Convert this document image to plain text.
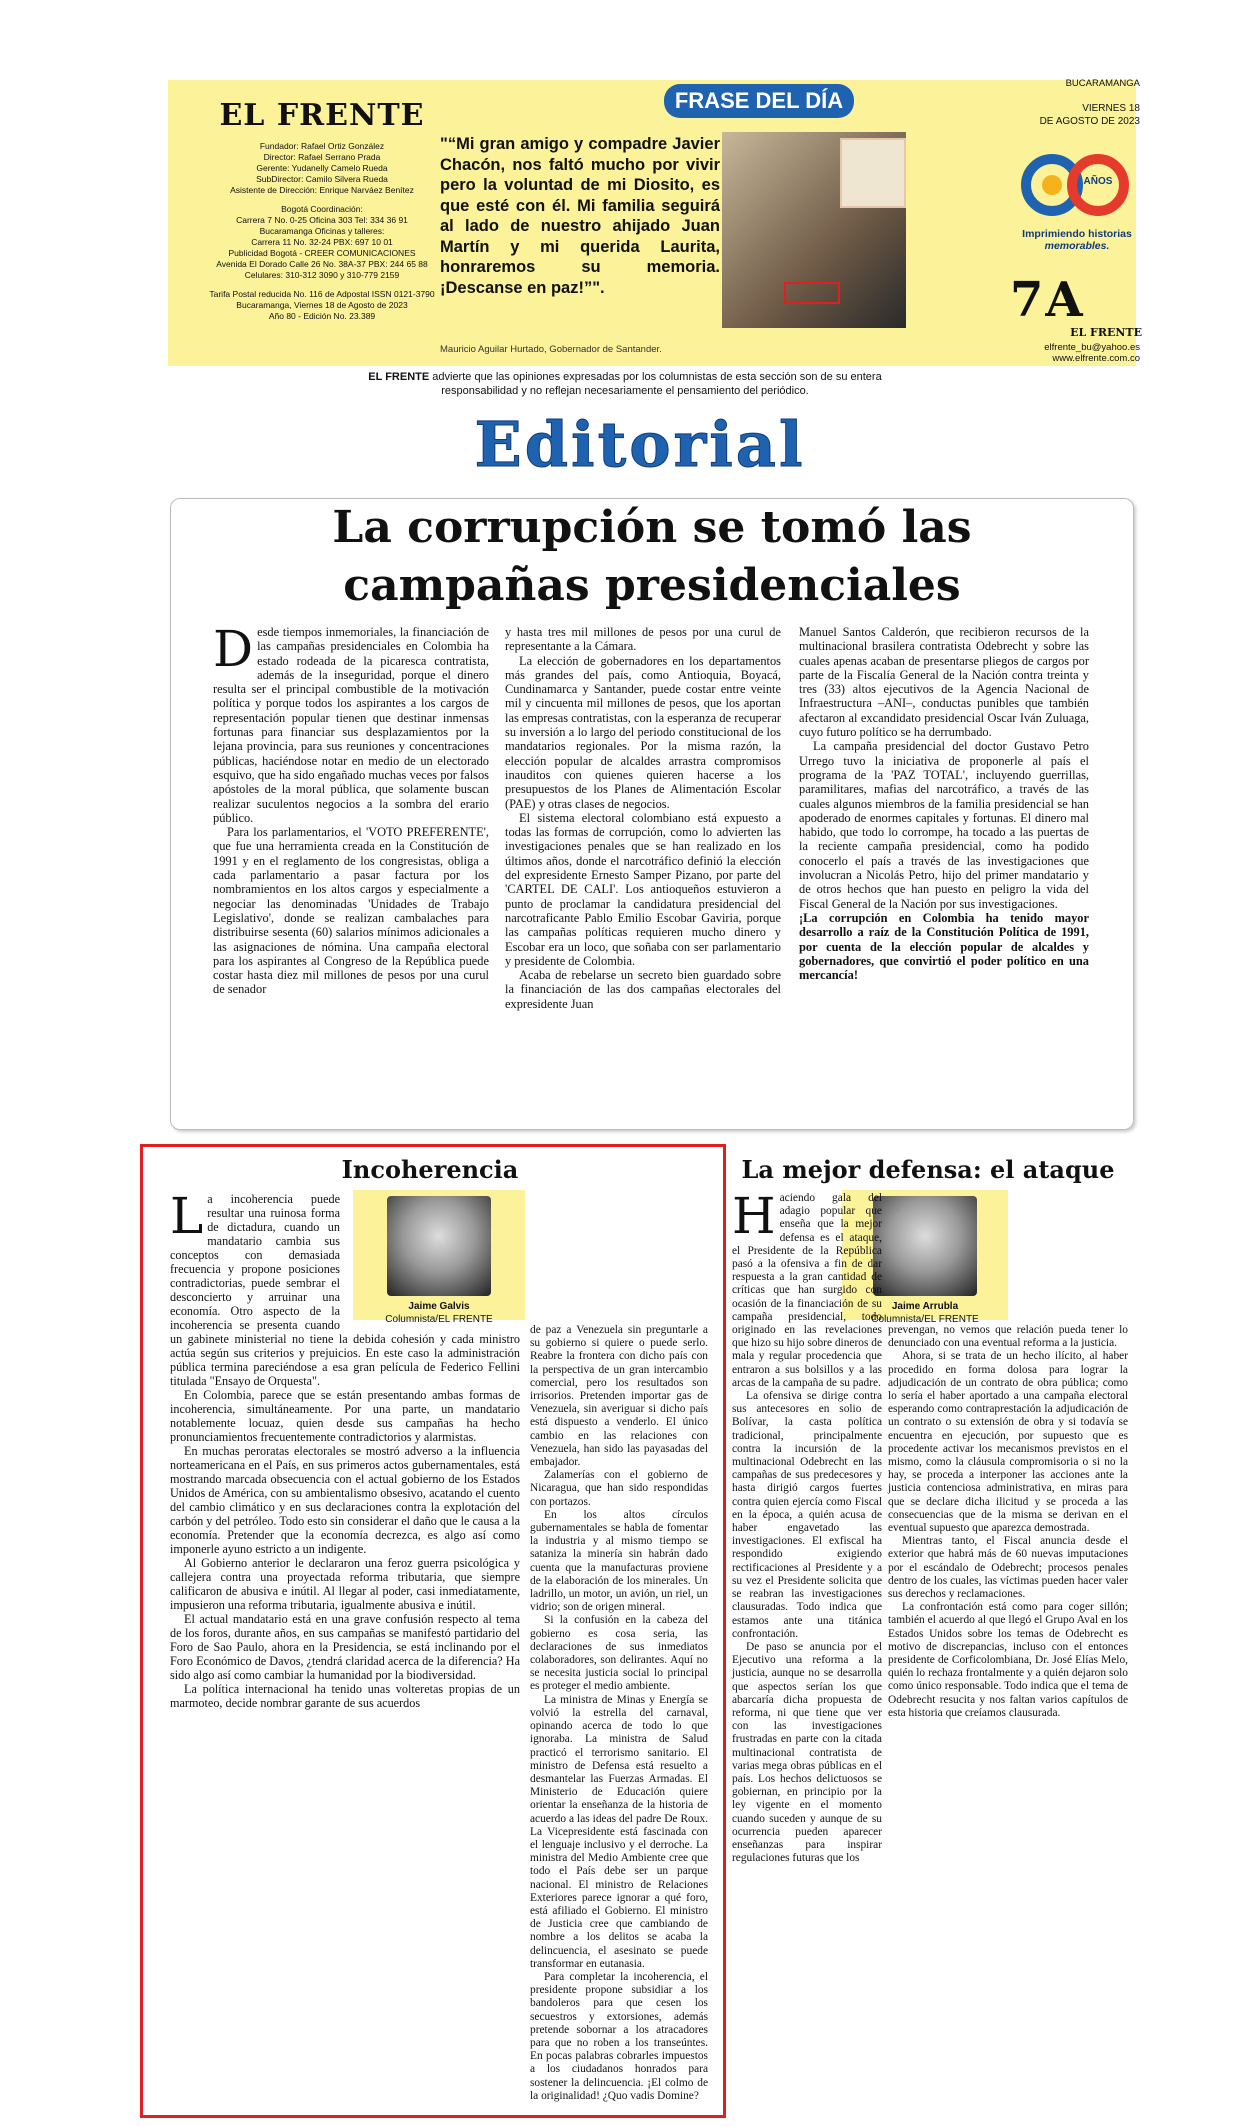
EL FRENTE
Fundador: Rafael Ortiz González
Director: Rafael Serrano Prada
Gerente: Yudanelly Camelo Rueda
SubDirector: Camilo Silvera Rueda
Asistente de Dirección: Enrique Narváez Benítez
Bogotá Coordinación:
Carrera 7 No. 0-25 Oficina 303 Tel: 334 36 91
Bucaramanga Oficinas y talleres:
Carrera 11 No. 32-24 PBX: 697 10 01
Publicidad Bogotá - CREER COMUNICACIONES
Avenida El Dorado Calle 26 No. 38A-37 PBX: 244 65 88
Celulares: 310-312 3090 y 310-779 2159
Tarifa Postal reducida No. 116 de Adpostal ISSN 0121-3790
Bucaramanga, Viernes 18 de Agosto de 2023
Año 80 - Edición No. 23.389
FRASE DEL DÍA
"“Mi gran amigo y compadre Javier Chacón, nos faltó mucho por vivir pero la voluntad de mi Diosito, es que esté con él. Mi familia seguirá al lado de nuestro ahijado Juan Martín y mi querida Laurita, honraremos su memoria. ¡Descanse en paz!”".
Mauricio Aguilar Hurtado, Gobernador de Santander.
BUCARAMANGA
VIERNES 18
DE AGOSTO DE 2023
AÑOS
Imprimiendo historias
memorables.
7A
EL FRENTE
elfrente_bu@yahoo.es
www.elfrente.com.co
EL FRENTE advierte que las opiniones expresadas por los columnistas de esta sección son de su entera responsabilidad y no reflejan necesariamente el pensamiento del periódico.
Editorial
La corrupción se tomó las
campañas presidenciales

Desde tiempos inmemoriales, la financiación de las campañas presidenciales en Colombia ha estado rodeada de la picaresca contratista, además de la inseguridad, porque el dinero resulta ser el principal combustible de la motivación política y porque todos los aspirantes a los cargos de representación popular tienen que destinar inmensas fortunas para financiar sus desplazamientos por la lejana provincia, para sus reuniones y concentraciones públicas, haciéndose notar en medio de un electorado esquivo, que ha sido engañado muchas veces por falsos apóstoles de la moral pública, que solamente buscan realizar suculentos negocios a la sombra del erario público.

Para los parlamentarios, el 'VOTO PREFERENTE', que fue una herramienta creada en la Constitución de 1991 y en el reglamento de los congresistas, obliga a cada parlamentario a pasar factura por los nombramientos en los altos cargos y especialmente a negociar las denominadas 'Unidades de Trabajo Legislativo', donde se realizan cambalaches para distribuirse sesenta (60) salarios mínimos adicionales a las asignaciones de nómina. Una campaña electoral para los aspirantes al Congreso de la República puede costar hasta diez mil millones de pesos por una curul de senador

y hasta tres mil millones de pesos por una curul de representante a la Cámara.

La elección de gobernadores en los departamentos más grandes del país, como Antioquia, Boyacá, Cundinamarca y Santander, puede costar entre veinte mil y cincuenta mil millones de pesos, que los aportan las empresas contratistas, con la esperanza de recuperar su inversión a lo largo del periodo constitucional de los mandatarios regionales. Por la misma razón, la elección popular de alcaldes arrastra compromisos inauditos con quienes quieren hacerse a los presupuestos de los Planes de Alimentación Escolar (PAE) y otras clases de negocios.

El sistema electoral colombiano está expuesto a todas las formas de corrupción, como lo advierten las investigaciones penales que se han realizado en los últimos años, donde el narcotráfico definió la elección del expresidente Ernesto Samper Pizano, por parte del 'CARTEL DE CALI'. Los antioqueños estuvieron a punto de proclamar la candidatura presidencial del narcotraficante Pablo Emilio Escobar Gaviria, porque las campañas políticas requieren mucho dinero y Escobar era un loco, que soñaba con ser parlamentario y presidente de Colombia.

Acaba de rebelarse un secreto bien guardado sobre la financiación de las dos campañas electorales del expresidente Juan

Manuel Santos Calderón, que recibieron recursos de la multinacional brasilera contratista Odebrecht y sobre las cuales apenas acaban de presentarse pliegos de cargos por parte de la Fiscalía General de la Nación contra treinta y tres (33) altos ejecutivos de la Agencia Nacional de Infraestructura –ANI–, conductas punibles que también afectaron al excandidato presidencial Oscar Iván Zuluaga, cuyo futuro político se ha derrumbado.

La campaña presidencial del doctor Gustavo Petro Urrego tuvo la iniciativa de proponerle al país el programa de la 'PAZ TOTAL', incluyendo guerrillas, paramilitares, mafias del narcotráfico, a través de las cuales algunos miembros de la familia presidencial se han apoderado de enormes capitales y fortunas. El dinero mal habido, que todo lo corrompe, ha tocado a las puertas de la reciente campaña presidencial, como ha podido conocerlo el país a través de las investigaciones que involucran a Nicolás Petro, hijo del primer mandatario y de otros hechos que han puesto en peligro la vida del Fiscal General de la Nación por sus investigaciones.

¡La corrupción en Colombia ha tenido mayor desarrollo a raíz de la Constitución Política de 1991, por cuenta de la elección popular de alcaldes y gobernadores, que convirtió el poder político en una mercancía!

Incoherencia
Jaime Galvis
Columnista/EL FRENTE

La incoherencia puede resultar una ruinosa forma de dictadura, cuando un mandatario cambia sus conceptos con demasiada frecuencia y propone posiciones contradictorias, puede sembrar el desconcierto y arruinar una economía. Otro aspecto de la incoherencia se presenta cuando un gabinete ministerial no tiene la debida cohesión y cada ministro actúa según sus criterios y prejuicios. En este caso la administración pública termina pareciéndose a esa gran película de Federico Fellini titulada "Ensayo de Orquesta".

En Colombia, parece que se están presentando ambas formas de incoherencia, simultáneamente. Por una parte, un mandatario notablemente locuaz, quien desde sus campañas ha hecho pronunciamientos frecuentemente contradictorios y alarmistas.

En muchas peroratas electorales se mostró adverso a la influencia norteamericana en el País, en sus primeros actos gubernamentales, está mostrando marcada obsecuencia con el actual gobierno de los Estados Unidos de América, con su ambientalismo obsesivo, acatando el cuento del cambio climático y en sus declaraciones contra la explotación del carbón y del petróleo. Todo esto sin considerar el daño que le causa a la economía. Pretender que la economía decrezca, es algo así como imponerle ayuno estricto a un indigente.

Al Gobierno anterior le declararon una feroz guerra psicológica y callejera contra una proyectada reforma tributaria, que siempre calificaron de abusiva e inútil. Al llegar al poder, casi inmediatamente, impusieron una reforma tributaria, igualmente abusiva e inútil.

El actual mandatario está en una grave confusión respecto al tema de los foros, durante años, en sus campañas se manifestó partidario del Foro de Sao Paulo, ahora en la Presidencia, se está inclinando por el Foro Económico de Davos, ¿tendrá claridad acerca de la diferencia? Ha sido algo así como cambiar la humanidad por la biodiversidad.

La política internacional ha tenido unas volteretas propias de un marmoteo, decide nombrar garante de sus acuerdos

de paz a Venezuela sin preguntarle a su gobierno si quiere o puede serlo. Reabre la frontera con dicho país con la perspectiva de un gran intercambio comercial, pero los resultados son irrisorios. Pretenden importar gas de Venezuela, sin averiguar si dicho país está dispuesto a venderlo. El único cambio en las relaciones con Venezuela, han sido las payasadas del embajador.

Zalamerías con el gobierno de Nicaragua, que han sido respondidas con portazos.

En los altos círculos gubernamentales se habla de fomentar la industria y al mismo tiempo se satanizа la minería sin habrán dado cuenta que la manufacturas proviene de la elaboración de los minerales. Un ladrillo, un motor, un avión, un riel, un vidrio; son de origen mineral.

Si la confusión en la cabeza del gobierno es cosa seria, las declaraciones de sus inmediatos colaboradores, son delirantes. Aquí no se necesita justicia social lo principal es proteger el medio ambiente.

La ministra de Minas y Energía se volvió la estrella del carnaval, opinando acerca de todo lo que ignoraba. La ministra de Salud practicó el terrorismo sanitario. El ministro de Defensa está resuelto a desmantelar las Fuerzas Armadas. El Ministerio de Educación quiere orientar la enseñanza de la historia de acuerdo a las ideas del padre De Roux. La Vicepresidente está fascinada con el lenguaje inclusivo y el derroche. La ministra del Medio Ambiente cree que todo el País debe ser un parque nacional. El ministro de Relaciones Exteriores parece ignorar a qué foro, está afiliado el Gobierno. El ministro de Justicia cree que cambiando de nombre a los delitos se acaba la delincuencia, el asesinato se puede transformar en eutanasia.

Para completar la incoherencia, el presidente propone subsidiar a los bandoleros para que cesen los secuestros y extorsiones, además pretende sobornar a los atracadores para que no roben a los transeúntes. En pocas palabras cobrarles impuestos a los ciudadanos honrados para sostener la delincuencia. ¡El colmo de la originalidad! ¿Quo vadis Domine?

La mejor defensa: el ataque
Jaime Arrubla
Columnista/EL FRENTE

Haciendo gala del adagio popular que enseña que la mejor defensa es el ataque, el Presidente de la República pasó a la ofensiva a fin de dar respuesta a la gran cantidad de críticas que han surgido con ocasión de la financiación de su campaña presidencial, todo originado en las revelaciones que hizo su hijo sobre dineros de mala y regular procedencia que entraron a sus bolsillos y a las arcas de la campaña de su padre.

La ofensiva se dirige contra sus antecesores en solio de Bolívar, la casta política tradicional, principalmente contra la incursión de la multinacional Odebrecht en las campañas de sus predecesores y hasta dirigió cargos fuertes contra quien ejercía como Fiscal en la época, a quién acusa de haber engavetado las investigaciones. El exfiscal ha respondido exigiendo rectificaciones al Presidente y a su vez el Presidente solicita que se reabran las investigaciones clausuradas. Todo indica que estamos ante una titánica confrontación.

De paso se anuncia por el Ejecutivo una reforma a la justicia, aunque no se desarrolla que aspectos serían los que abarcaría dicha propuesta de reforma, ni que tiene que ver con las investigaciones frustradas en parte con la citada multinacional contratista de varias mega obras públicas en el país. Los hechos delictuosos se gobiernan, en principio por la ley vigente en el momento cuando suceden y aunque de su ocurrencia pueden aparecer enseñanzas para inspirar regulaciones futuras que los

prevengan, no vemos que relación pueda tener lo denunciado con una eventual reforma a la justicia.

Ahora, si se trata de un hecho ilícito, al haber procedido en forma dolosa para lograr la adjudicación de un contrato de obra pública; como lo sería el haber aportado a una campaña electoral esperando como contraprestación la adjudicación de un contrato o su extensión de obra y si todavía se encuentra en ejecución, por supuesto que es procedente activar los mecanismos previstos en el mismo, como la cláusula compromisoria o si no la hay, se proceda a interponer las acciones ante la justicia contenciosa administrativa, en miras para que se declare dicha ilicitud y se proceda a las consecuencias que de la misma se derivan en el eventual supuesto que aparezca demostrada.

Mientras tanto, el Fiscal anuncia desde el exterior que habrá más de 60 nuevas imputaciones por el escándalo de Odebrecht; procesos penales dentro de los cuales, las víctimas pueden hacer valer sus derechos y reclamaciones.

La confrontación está como para coger sillón; también el acuerdo al que llegó el Grupo Aval en los Estados Unidos sobre los temas de Odebrecht es motivo de discrepancias, incluso con el entonces presidente de Corficolombiana, Dr. José Elías Melo, quién lo rechaza frontalmente y a quién dejaron solo como único responsable. Todo indica que el tema de Odebrecht resucita y nos faltan varios capítulos de esta historia que creíamos clausurada.
